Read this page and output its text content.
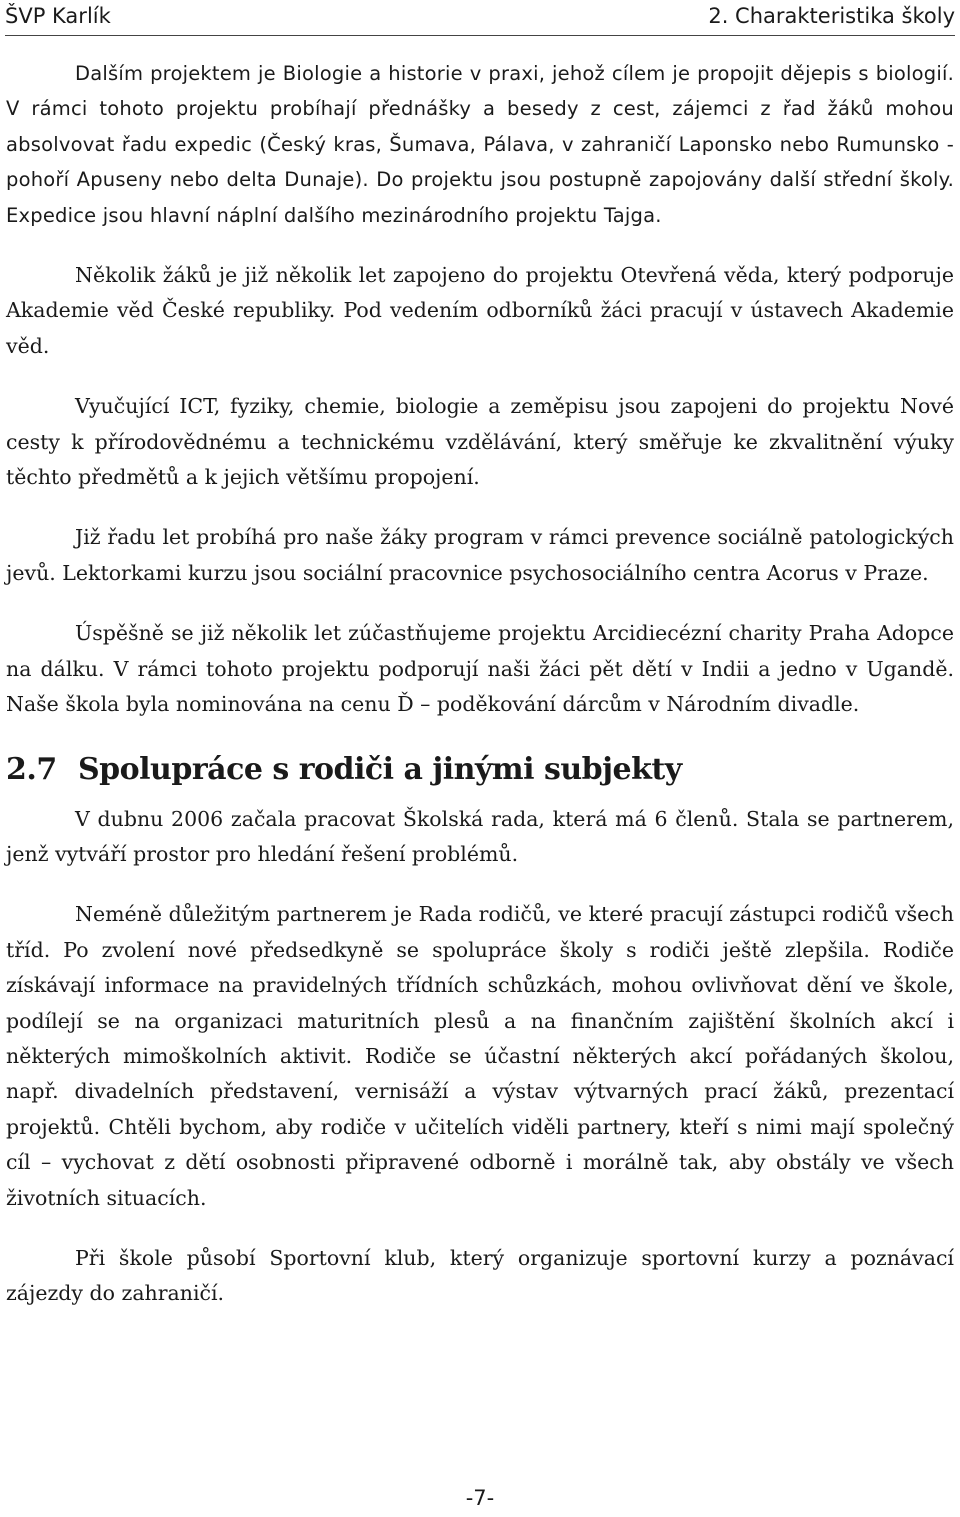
ŠVP Karlík	2. Charakteristika školy

Dalším projektem je Biologie a historie v praxi, jehož cílem je propojit dějepis s biologií. V rámci tohoto projektu probíhají přednášky a besedy z cest, zájemci z řad žáků mohou absolvovat řadu expedic (Český kras, Šumava, Pálava, v zahraničí Laponsko nebo Rumunsko - pohoří Apuseny nebo delta Dunaje). Do projektu jsou postupně zapojovány další střední školy. Expedice jsou hlavní náplní dalšího mezinárodního projektu Tajga.

Několik žáků je již několik let zapojeno do projektu Otevřená věda, který podporuje Akademie věd České republiky. Pod vedením odborníků žáci pracují v ústavech Akademie věd.

Vyučující ICT, fyziky, chemie, biologie a zeměpisu jsou zapojeni do projektu Nové cesty k přírodovědnému a technickému vzdělávání, který směřuje ke zkvalitnění výuky těchto předmětů a k jejich většímu propojení.

Již řadu let probíhá pro naše žáky program v rámci prevence sociálně patologických jevů. Lektorkami kurzu jsou sociální pracovnice psychosociálního centra Acorus v Praze.

Úspěšně se již několik let zúčastňujeme projektu Arcidiecézní charity Praha Adopce na dálku. V rámci tohoto projektu podporují naši žáci pět dětí v Indii a jedno v Ugandě. Naše škola byla nominována na cenu Ď – poděkování dárcům v Národním divadle.

2.7 Spolupráce s rodiči a jinými subjekty

V dubnu 2006 začala pracovat Školská rada, která má 6 členů. Stala se partnerem, jenž vytváří prostor pro hledání řešení problémů.

Neméně důležitým partnerem je Rada rodičů, ve které pracují zástupci rodičů všech tříd. Po zvolení nové předsedkyně se spolupráce školy s rodiči ještě zlepšila. Rodiče získávají informace na pravidelných třídních schůzkách, mohou ovlivňovat dění ve škole, podílejí se na organizaci maturitních plesů a na finančním zajištění školních akcí i některých mimoškolních aktivit. Rodiče se účastní některých akcí pořádaných školou, např. divadelních představení, vernisáží a výstav výtvarných prací žáků, prezentací projektů. Chtěli bychom, aby rodiče v učitelích viděli partnery, kteří s nimi mají společný cíl – vychovat z dětí osobnosti připravené odborně i morálně tak, aby obstály ve všech životních situacích.

Při škole působí Sportovní klub, který organizuje sportovní kurzy a poznávací zájezdy do zahraničí.

-7-
